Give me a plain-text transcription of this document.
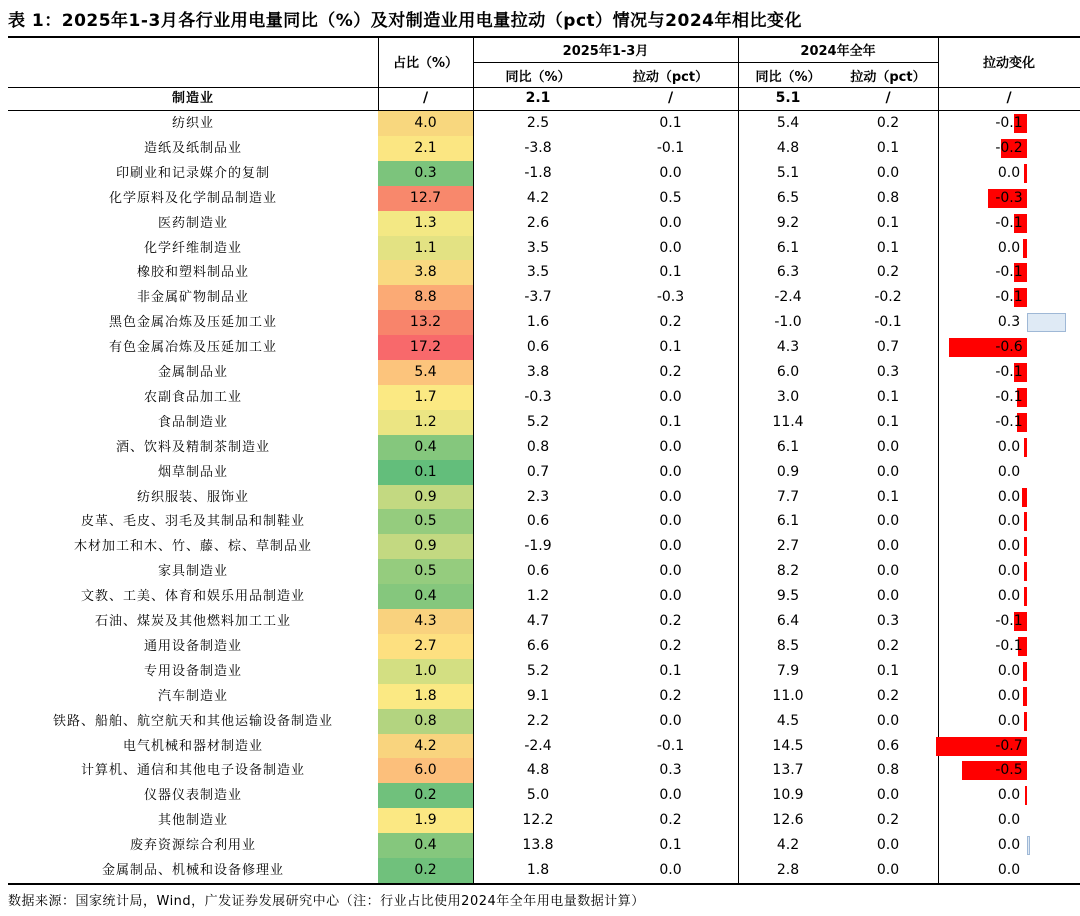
表 1：2025年1-3月各行业用电量同比（%）及对制造业用电量拉动（pct）情况与2024年相比变化
占比（%）
2025年1-3月
同比（%）	拉动（pct）
2024年全年
同比（%）	拉动（pct）
拉动变化
制造业	/	2.1	/	5.1	/	/
纺织业	4.0	2.5	0.1	5.4	0.2	-0.1
造纸及纸制品业	2.1	-3.8	-0.1	4.8	0.1	-0.2
印刷业和记录媒介的复制	0.3	-1.8	0.0	5.1	0.0	0.0
化学原料及化学制品制造业	12.7	4.2	0.5	6.5	0.8	-0.3
医药制造业	1.3	2.6	0.0	9.2	0.1	-0.1
化学纤维制造业	1.1	3.5	0.0	6.1	0.1	0.0
橡胶和塑料制品业	3.8	3.5	0.1	6.3	0.2	-0.1
非金属矿物制品业	8.8	-3.7	-0.3	-2.4	-0.2	-0.1
黑色金属冶炼及压延加工业	13.2	1.6	0.2	-1.0	-0.1	0.3
有色金属冶炼及压延加工业	17.2	0.6	0.1	4.3	0.7	-0.6
金属制品业	5.4	3.8	0.2	6.0	0.3	-0.1
农副食品加工业	1.7	-0.3	0.0	3.0	0.1	-0.1
食品制造业	1.2	5.2	0.1	11.4	0.1	-0.1
酒、饮料及精制茶制造业	0.4	0.8	0.0	6.1	0.0	0.0
烟草制品业	0.1	0.7	0.0	0.9	0.0	0.0
纺织服装、服饰业	0.9	2.3	0.0	7.7	0.1	0.0
皮革、毛皮、羽毛及其制品和制鞋业	0.5	0.6	0.0	6.1	0.0	0.0
木材加工和木、竹、藤、棕、草制品业	0.9	-1.9	0.0	2.7	0.0	0.0
家具制造业	0.5	0.6	0.0	8.2	0.0	0.0
文教、工美、体育和娱乐用品制造业	0.4	1.2	0.0	9.5	0.0	0.0
石油、煤炭及其他燃料加工工业	4.3	4.7	0.2	6.4	0.3	-0.1
通用设备制造业	2.7	6.6	0.2	8.5	0.2	-0.1
专用设备制造业	1.0	5.2	0.1	7.9	0.1	0.0
汽车制造业	1.8	9.1	0.2	11.0	0.2	0.0
铁路、船舶、航空航天和其他运输设备制造业	0.8	2.2	0.0	4.5	0.0	0.0
电气机械和器材制造业	4.2	-2.4	-0.1	14.5	0.6	-0.7
计算机、通信和其他电子设备制造业	6.0	4.8	0.3	13.7	0.8	-0.5
仪器仪表制造业	0.2	5.0	0.0	10.9	0.0	0.0
其他制造业	1.9	12.2	0.2	12.6	0.2	0.0
废弃资源综合利用业	0.4	13.8	0.1	4.2	0.0	0.0
金属制品、机械和设备修理业	0.2	1.8	0.0	2.8	0.0	0.0
数据来源：国家统计局，Wind，广发证券发展研究中心（注：行业占比使用2024年全年用电量数据计算）
